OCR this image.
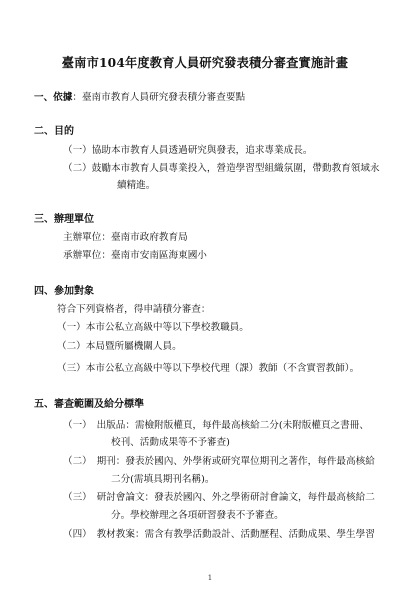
臺南市104年度教育人員研究發表積分審查實施計畫
一、依據：臺南市教育人員研究發表積分審查要點
二、目的
（一）協助本市教育人員透過研究與發表，追求專業成長。
（二）鼓勵本市教育人員專業投入，營造學習型組織氛圍，帶動教育領域永
續精進。
三、辦理單位
主辦單位：臺南市政府教育局
承辦單位：臺南市安南區海東國小
四、參加對象
符合下列資格者，得申請積分審查：
（一）本市公私立高級中等以下學校教職員。
（二）本局暨所屬機關人員。
（三）本市公私立高級中等以下學校代理（課）教師（不含實習教師）。
五、審查範圍及給分標準
（一）　出版品：需檢附版權頁，每件最高核給二分(未附版權頁之書冊、
校刊、活動成果等不予審查)
（二）　期刊：發表於國內、外學術或研究單位期刊之著作，每件最高核給
二分(需填具期刊名稱)。
（三）　研討會論文：發表於國內、外之學術研討會論文，每件最高核給二
分。學校辦理之各項研習發表不予審查。
（四）　教材教案：需含有教學活動設計、活動歷程、活動成果、學生學習
1
